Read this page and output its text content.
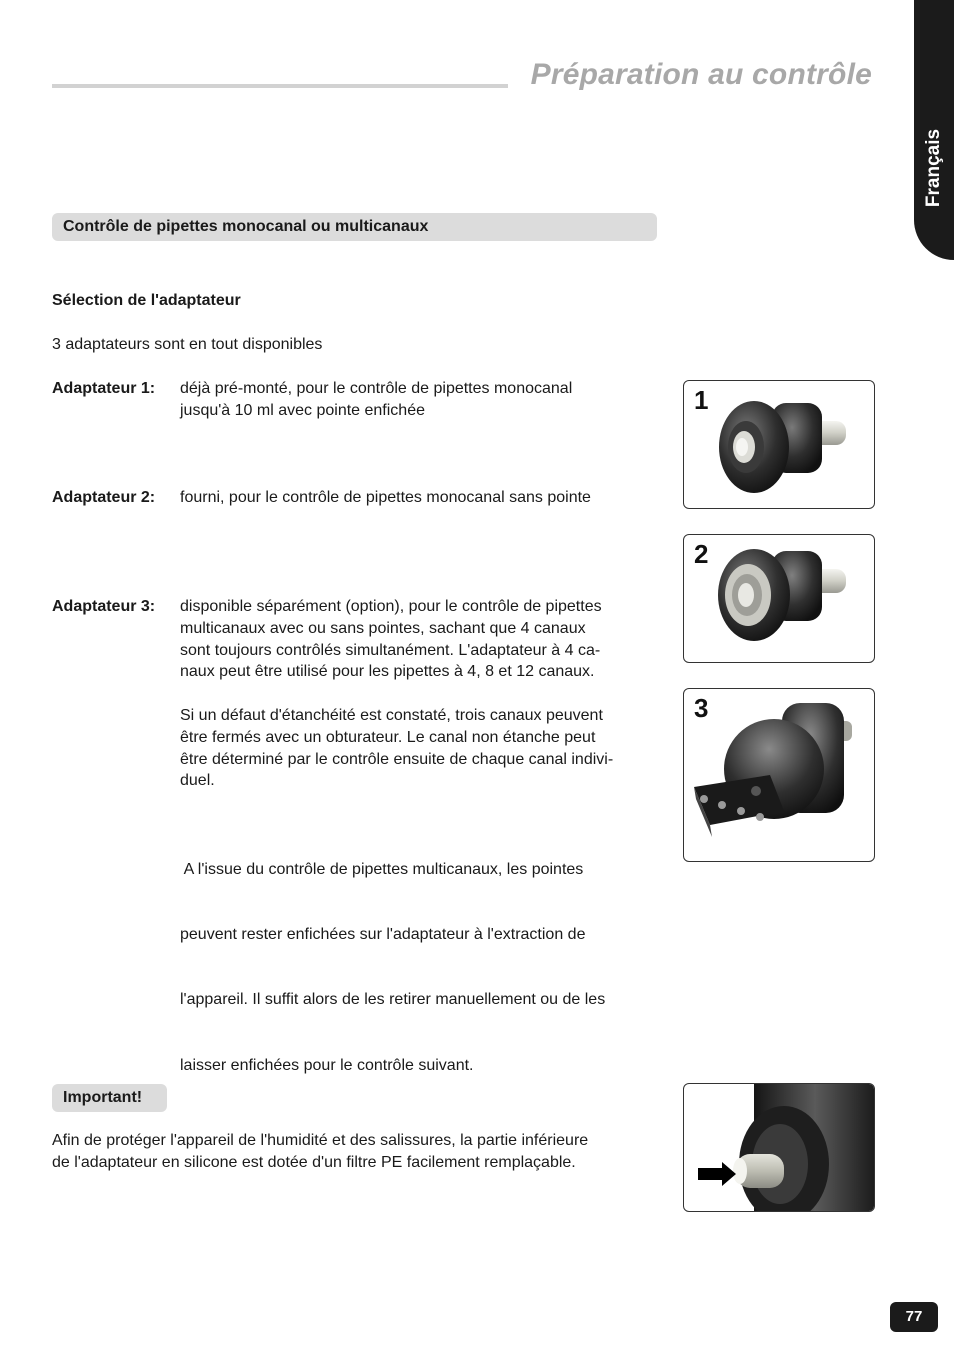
Préparation au contrôle
Français
Contrôle de pipettes monocanal ou multicanaux
Sélection de l'adaptateur
3 adaptateurs sont en tout disponibles
Adaptateur 1: déjà pré-monté, pour le contrôle de pipettes monocanal
jusqu'à 10 ml avec pointe enfichée
Adaptateur 2: fourni, pour le contrôle de pipettes monocanal sans pointe
Adaptateur 3: disponible séparément (option), pour le contrôle de pipettes
multicanaux avec ou sans pointes, sachant que 4 canaux
sont toujours contrôlés simultanément. L'adaptateur à 4 ca-
naux peut être utilisé pour les pipettes à 4, 8 et 12 canaux.
Si un défaut d'étanchéité est constaté, trois canaux peuvent
être fermés avec un obturateur. Le canal non étanche peut
être déterminé par le contrôle ensuite de chaque canal indivi-
duel.

A l'issue du contrôle de pipettes multicanaux, les pointes

peuvent rester enfichées sur l'adaptateur à l'extraction de

l'appareil. Il suffit alors de les retirer manuellement ou de les

laisser enfichées pour le contrôle suivant.

1
2
3
Important!
Afin de protéger l'appareil de l'humidité et des salissures, la partie inférieure
de l'adaptateur en silicone est dotée d'un filtre PE facilement remplaçable.
77
